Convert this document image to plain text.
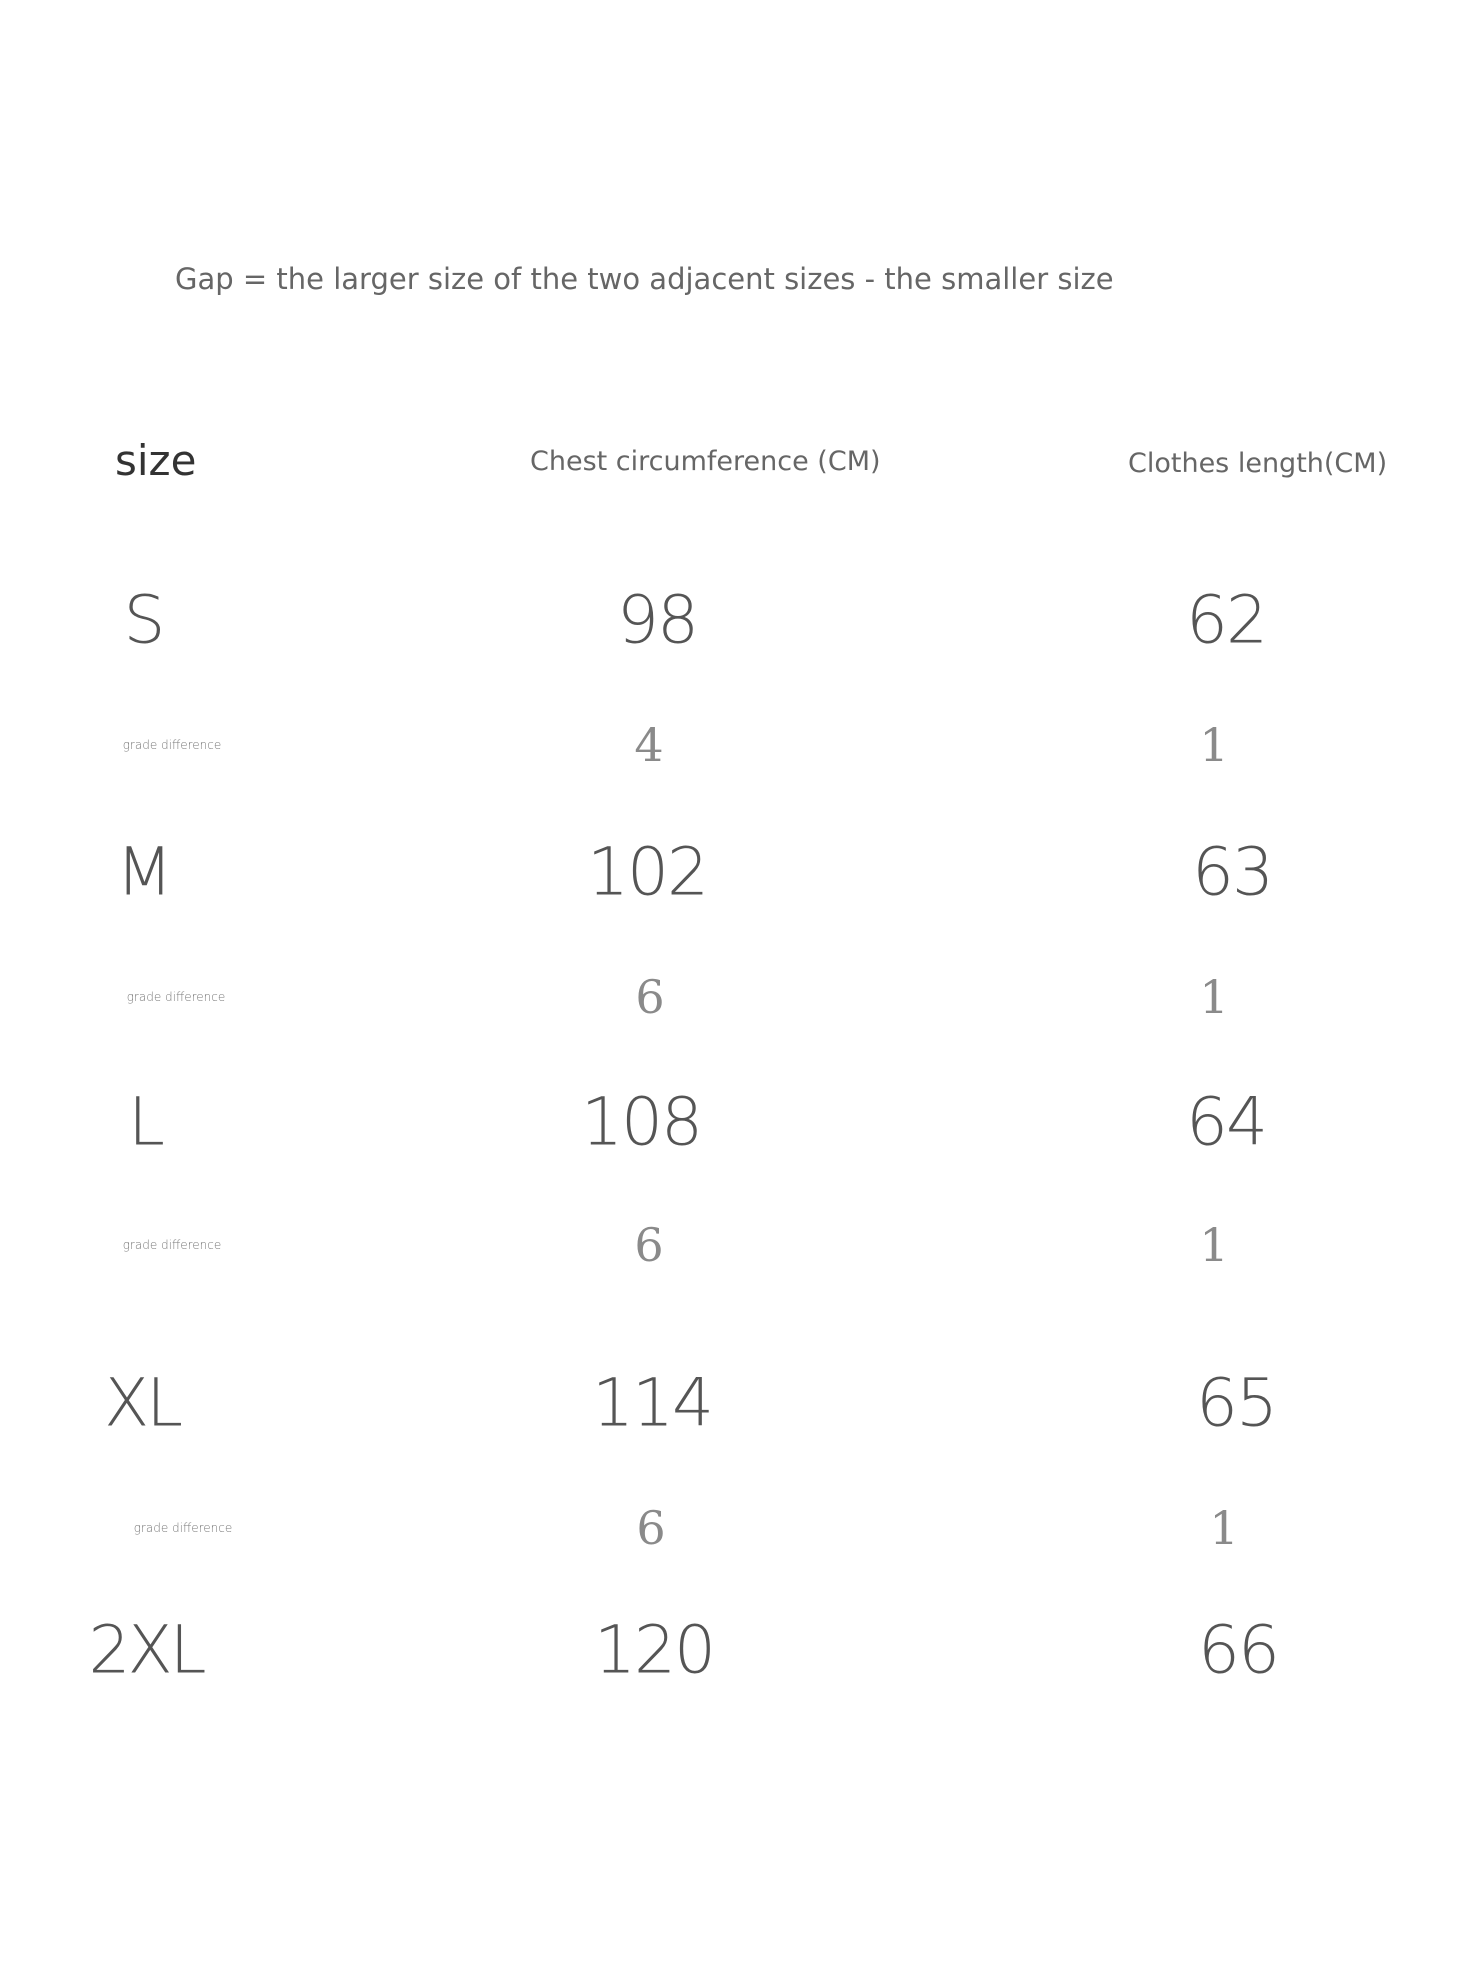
Gap = the larger size of the two adjacent sizes - the smaller size
size	Chest circumference (CM)	Clothes length(CM)
S	98	62
grade difference	4	1
M	102	63
grade difference	6	1
L	108	64
grade difference	6	1
XL	114	65
grade difference	6	1
2XL	120	66
